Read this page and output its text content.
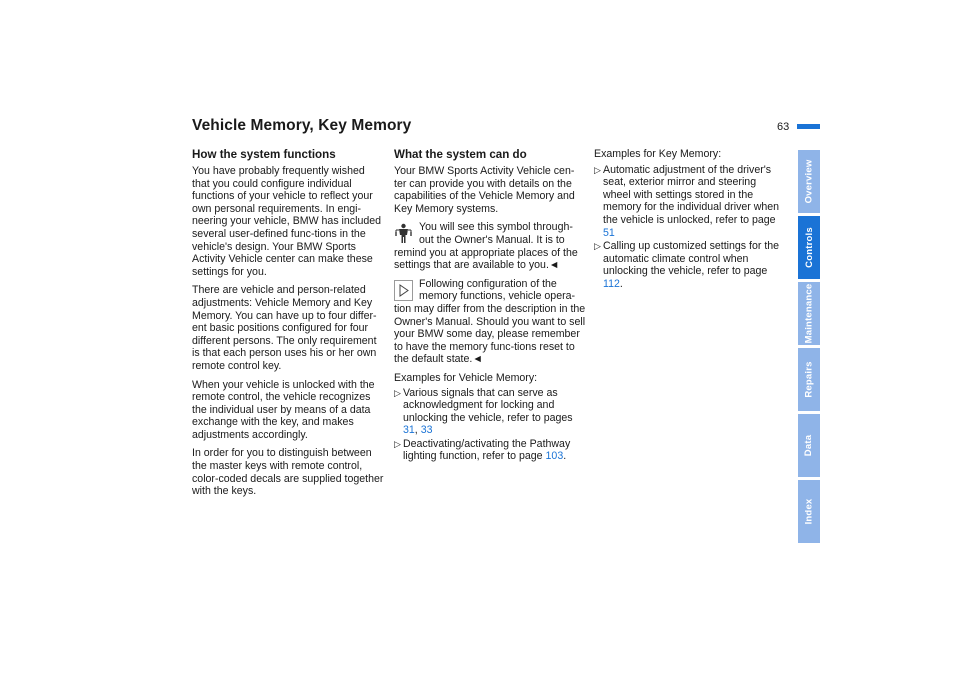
Vehicle Memory, Key Memory	63
How the system functions

You have probably frequently wished that you could configure individual functions of your vehicle to reflect your own personal requirements. In engi-neering your vehicle, BMW has included several user-defined func-tions in the vehicle's design. Your BMW Sports Activity Vehicle center can make these settings for you.

There are vehicle and person-related adjustments: Vehicle Memory and Key Memory. You can have up to four differ-ent basic positions configured for four different persons. The only requirement is that each person uses his or her own remote control key.

When your vehicle is unlocked with the remote control, the vehicle recognizes the individual user by means of a data exchange with the key, and makes adjustments accordingly.

In order for you to distinguish between the master keys with remote control, color-coded decals are supplied together with the keys.

What the system can do

Your BMW Sports Activity Vehicle cen-ter can provide you with details on the capabilities of the Vehicle Memory and Key Memory systems.

You will see this symbol through-out the Owner's Manual. It is to remind you at appropriate places of the settings that are available to you.◄
Following configuration of the memory functions, vehicle opera-tion may differ from the description in the Owner's Manual. Should you want to sell your BMW some day, please remember to have the memory func-tions reset to the default state.◄

Examples for Vehicle Memory:

▷ Various signals that can serve as acknowledgment for locking and unlocking the vehicle, refer to pages 31, 33
▷ Deactivating/activating the Pathway lighting function, refer to page 103.

Examples for Key Memory:

▷ Automatic adjustment of the driver's seat, exterior mirror and steering wheel with settings stored in the memory for the individual driver when the vehicle is unlocked, refer to page 51
▷ Calling up customized settings for the automatic climate control when unlocking the vehicle, refer to page 112.
Overview
Controls
Maintenance
Repairs
Data
Index
